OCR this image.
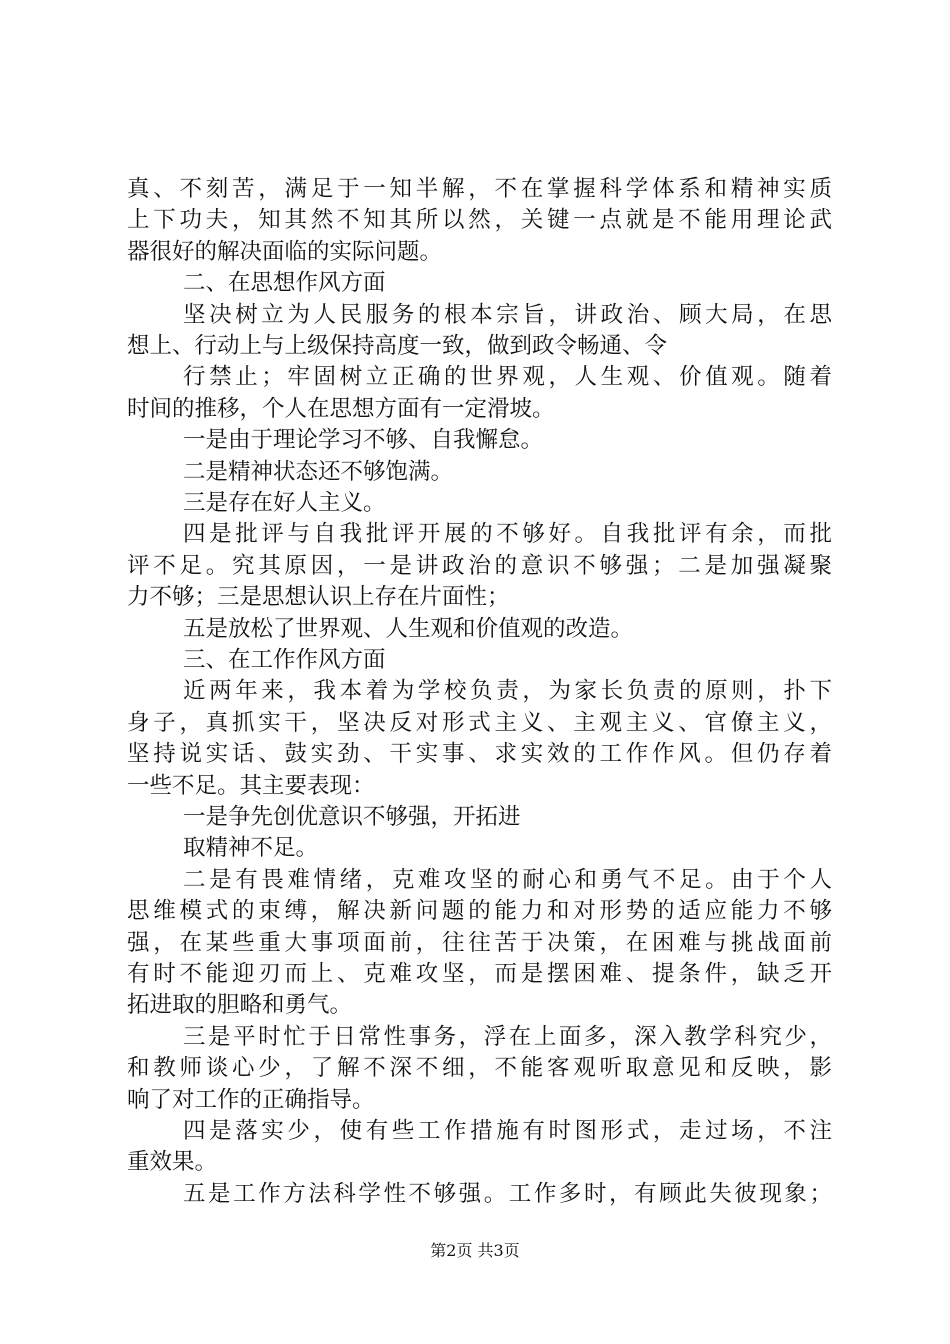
真、不刻苦，满足于一知半解，不在掌握科学体系和精神实质
上下功夫，知其然不知其所以然，关键一点就是不能用理论武
器很好的解决面临的实际问题。
二、在思想作风方面
坚决树立为人民服务的根本宗旨，讲政治、顾大局，在思
想上、行动上与上级保持高度一致，做到政令畅通、令
行禁止；牢固树立正确的世界观，人生观、价值观。随着
时间的推移，个人在思想方面有一定滑坡。
一是由于理论学习不够、自我懈怠。
二是精神状态还不够饱满。
三是存在好人主义。
四是批评与自我批评开展的不够好。自我批评有余，而批
评不足。究其原因，一是讲政治的意识不够强；二是加强凝聚
力不够；三是思想认识上存在片面性；
五是放松了世界观、人生观和价值观的改造。
三、在工作作风方面
近两年来，我本着为学校负责，为家长负责的原则，扑下
身子，真抓实干，坚决反对形式主义、主观主义、官僚主义，
坚持说实话、鼓实劲、干实事、求实效的工作作风。但仍存着
一些不足。其主要表现：
一是争先创优意识不够强，开拓进
取精神不足。
二是有畏难情绪，克难攻坚的耐心和勇气不足。由于个人
思维模式的束缚，解决新问题的能力和对形势的适应能力不够
强，在某些重大事项面前，往往苦于决策，在困难与挑战面前
有时不能迎刃而上、克难攻坚，而是摆困难、提条件，缺乏开
拓进取的胆略和勇气。
三是平时忙于日常性事务，浮在上面多，深入教学科究少，
和教师谈心少，了解不深不细，不能客观听取意见和反映，影
响了对工作的正确指导。
四是落实少，使有些工作措施有时图形式，走过场，不注
重效果。
五是工作方法科学性不够强。工作多时，有顾此失彼现象；
第2页 共3页
